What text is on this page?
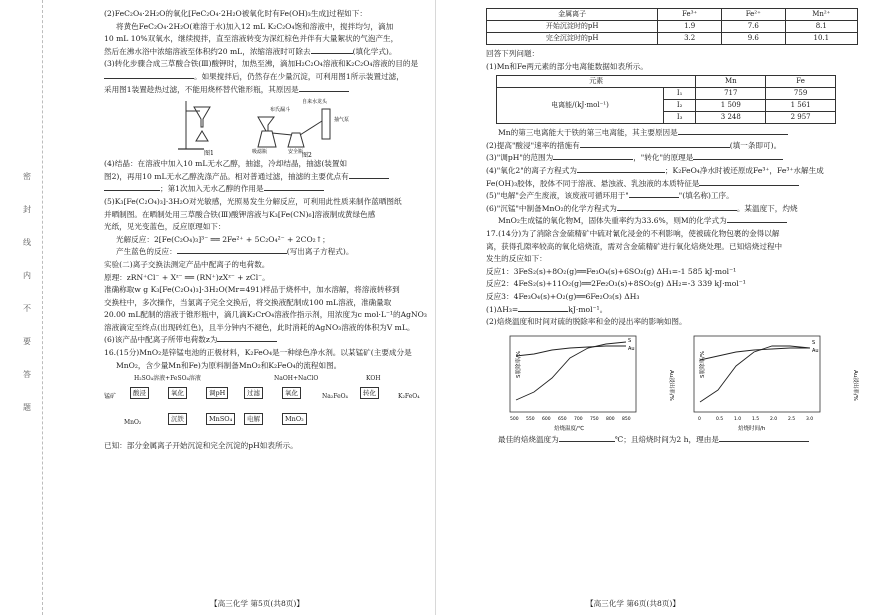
密 封 线 内 不 要 答 题

(2)FeC₂O₄·2H₂O的氧化[FeC₂O₄·2H₂O被氧化时有Fe(OH)₃生成]过程如下：

将黄色FeC₂O₄·2H₂O(难溶于水)加入12 mL K₂C₂O₄饱和溶液中，搅拌均匀，滴加

10 mL 10%双氧水，继续搅拌，直至溶液转变为深红棕色并伴有大量絮状的气泡产生，

然后在沸水浴中浓缩溶液至体积约20 mL，浓缩溶液时可除去	(填化学式)。

(3)转化步骤合成三草酸合铁(Ⅲ)酸钾时，加热至沸，滴加H₂C₂O₄溶液和K₂C₂O₄溶液的目的是

。如果搅拌后，仍然存在少量沉淀，可利用图1所示装置过滤，

采用图1装置趁热过滤，不能用烧杯替代锥形瓶，其原因是

图1
自来水龙头
布氏漏斗
吸滤瓶	安全瓶
抽气泵
图2

(4)结晶：在溶液中加入10 mL无水乙醇，抽滤，冷却结晶，抽滤(装置如

图2)，再用10 mL无水乙醇洗涤产品。相对普通过滤，抽滤的主要优点有

；第1次加入无水乙醇的作用是

(5)K₃[Fe(C₂O₄)₃]·3H₂O对光敏感，光照易发生分解反应，可利用此性质来制作蓝晒图纸

并晒制图。在晒制处用三草酸合铁(Ⅲ)酸钾溶液与K₃[Fe(CN)₆]溶液制成黄绿色感

光纸，见光变蓝色，反应原理如下：

光解反应：2[Fe(C₂O₄)₃]³⁻ ══ 2Fe²⁺ + 5C₂O₄²⁻ + 2CO₂↑；

产生蓝色的反应：	(写出离子方程式)。

实验(二)离子交换法测定产品中配离子的电荷数。

原理：zRN⁺Cl⁻ + Xᶻ⁻ ══ (RN⁺)zXᶻ⁻ + zCl⁻。

准确称取w g K₃[Fe(C₂O₄)₃]·3H₂O(Mr=491)样品于烧杯中，加水溶解，将溶液转移到

交换柱中，多次操作，当氯离子完全交换后，将交换液配制成100 mL溶液，准确量取

20.00 mL配制的溶液于锥形瓶中，滴几滴K₂CrO₄溶液作指示剂，用浓度为c mol·L⁻¹的AgNO₃

溶液滴定至终点(出现砖红色)，且半分钟内不褪色，此时消耗的AgNO₃溶液的体积为V mL。

(6)该产品中配离子所带电荷数z为

16.(15分)MnO₂是锌锰电池的正极材料，K₂FeO₄是一种绿色净水剂。以某锰矿(主要成分是

MnO₂，含少量Mn和Fe)为原料制备MnO₂和K₂FeO₄的流程如图。

H₂SO₄溶液+FeSO₄溶液	NaOH+NaClO	KOH
锰矿	酸浸	氧化	调pH	过滤	氧化	Na₂FeO₄	转化	K₂FeO₄
MnO₂	沉铁	MnSO₄	电解	MnO₂

已知：部分金属离子开始沉淀和完全沉淀的pH如表所示。

【高三化学 第5页(共8页)】
金属离子	Fe³⁺	Fe²⁺	Mn²⁺
开始沉淀时的pH	1.9	7.6	8.1
完全沉淀时的pH	3.2	9.6	10.1

回答下列问题：

(1)Mn和Fe两元素的部分电离能数据如表所示。

元素		Mn	Fe
电离能/(kJ·mol⁻¹)	I₁	717	759
	I₂	1 509	1 561
	I₃	3 248	2 957

Mn的第三电离能大于铁的第三电离能，其主要原因是

(2)提高"酸浸"速率的措施有	(填一条即可)。

(3)"调pH"的范围为	，"转化"的原理是

(4)"氧化2"的离子方程式为	；K₂FeO₄净水时被还原成Fe³⁺，Fe³⁺水解生成

Fe(OH)₃胶体，胶体不同于溶液、悬浊液、乳浊液的本质特征是

(5)"电解"会产生废液，该废液可循环用于"	"(填名称)工序。

(6)"沉锰"中制备MnO₂的化学方程式为	。某温度下，灼烧

MnO₂生成锰的氧化物M，固体失重率约为33.6%，则M的化学式为

17.(14分)为了消除含金硫精矿中硫对氰化浸金的不利影响，使被硫化物包裹的金得以解

离，获得孔隙率较高的氧化焙烧渣，需对含金硫精矿进行氧化焙烧处理。已知焙烧过程中

发生的反应如下：

反应1：3FeS₂(s)+8O₂(g)══Fe₃O₄(s)+6SO₂(g) ΔH₁=-1 585 kJ·mol⁻¹

反应2：4FeS₂(s)+11O₂(g)══2Fe₂O₃(s)+8SO₂(g) ΔH₂=-3 339 kJ·mol⁻¹

反应3：4Fe₃O₄(s)+O₂(g)══6Fe₂O₃(s) ΔH₃

(1)ΔH₃=	kJ·mol⁻¹。

(2)焙烧温度和时间对硫的脱除率和金的浸出率的影响如图。

S脱除率/%
Au浸出率/%
S
Au
500 550 600 650 700 750 800 850
焙烧温度/℃
S脱除率/%
Au浸出率/%
S
Au
0	0.5 1.0 1.5 2.0 2.5 3.0
焙烧时间/h

最佳的焙烧温度为	℃；且焙烧时间为2 h，理由是

【高三化学 第6页(共8页)】
